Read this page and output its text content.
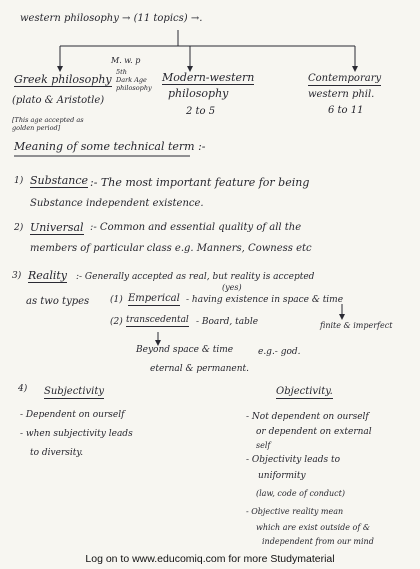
western philosophy → (11 topics) →.
M. w. p
5th
Dark Age
philosophy
Greek philosophy
(plato & Aristotle)
[This age accepted as golden period]
Modern-western
philosophy
2 to 5
Contemporary
western phil.
6 to 11
Meaning of some technical term :-
1) Substance :- The most important feature for being
Substance independent existence.
2) Universal :- Common and essential quality of all the
members of particular class e.g. Manners, Cowness etc
3) Reality :- Generally accepted as real, but reality is accepted
as two types (1) Emperical - having existence in space & time
(yes)
finite & imperfect
(2) transcedental - Board, table
Beyond space & time	e.g.- god.
eternal & permanent.
4) Subjectivity
- Dependent on ourself
- when subjectivity leads
to diversity.
Objectivity.
- Not dependent on ourself
or dependent on external
self
- Objectivity leads to
uniformity
(law, code of conduct)
- Objective reality mean
which are exist outside of &
independent from our mind
Log on to www.educomiq.com for more Studymaterial
